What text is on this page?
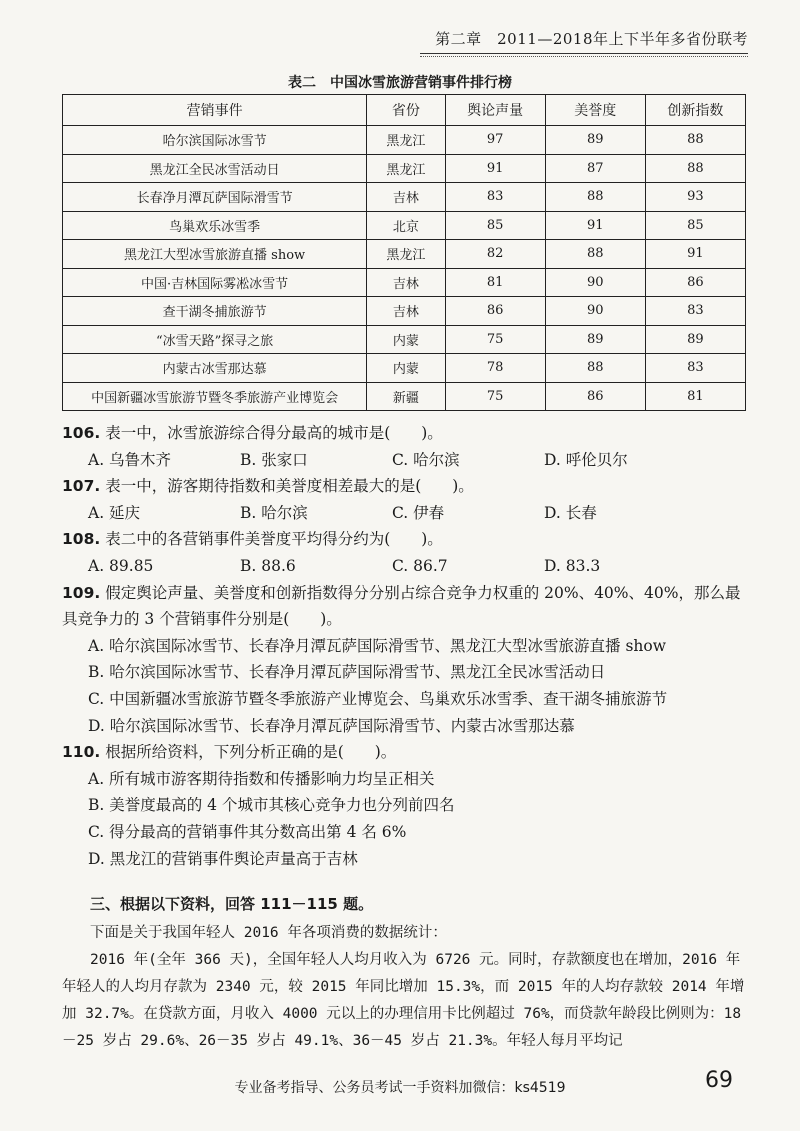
第二章　2011—2018年上下半年多省份联考
表二　中国冰雪旅游营销事件排行榜
营销事件	省份	舆论声量	美誉度	创新指数
哈尔滨国际冰雪节	黑龙江	97	89	88
黑龙江全民冰雪活动日	黑龙江	91	87	88
长春净月潭瓦萨国际滑雪节	吉林	83	88	93
鸟巢欢乐冰雪季	北京	85	91	85
黑龙江大型冰雪旅游直播 show	黑龙江	82	88	91
中国·吉林国际雾凇冰雪节	吉林	81	90	86
查干湖冬捕旅游节	吉林	86	90	83
“冰雪天路”探寻之旅	内蒙	75	89	89
内蒙古冰雪那达慕	内蒙	78	88	83
中国新疆冰雪旅游节暨冬季旅游产业博览会	新疆	75	86	81

106. 表一中，冰雪旅游综合得分最高的城市是(　　)。

A. 乌鲁木齐	B. 张家口	C. 哈尔滨	D. 呼伦贝尔

107. 表一中，游客期待指数和美誉度相差最大的是(　　)。

A. 延庆	B. 哈尔滨	C. 伊春	D. 长春

108. 表二中的各营销事件美誉度平均得分约为(　　)。

A. 89.85	B. 88.6	C. 86.7	D. 83.3

109. 假定舆论声量、美誉度和创新指数得分分别占综合竞争力权重的 20%、40%、40%，那么最

具竞争力的 3 个营销事件分别是(　　)。

A. 哈尔滨国际冰雪节、长春净月潭瓦萨国际滑雪节、黑龙江大型冰雪旅游直播 show
B. 哈尔滨国际冰雪节、长春净月潭瓦萨国际滑雪节、黑龙江全民冰雪活动日
C. 中国新疆冰雪旅游节暨冬季旅游产业博览会、鸟巢欢乐冰雪季、查干湖冬捕旅游节
D. 哈尔滨国际冰雪节、长春净月潭瓦萨国际滑雪节、内蒙古冰雪那达慕

110. 根据所给资料，下列分析正确的是(　　)。

A. 所有城市游客期待指数和传播影响力均呈正相关
B. 美誉度最高的 4 个城市其核心竞争力也分列前四名
C. 得分最高的营销事件其分数高出第 4 名 6%
D. 黑龙江的营销事件舆论声量高于吉林
三、根据以下资料，回答 111－115 题。

下面是关于我国年轻人 2016 年各项消费的数据统计：

2016 年(全年 366 天)，全国年轻人人均月收入为 6726 元。同时，存款额度也在增加，2016 年年轻人的人均月存款为 2340 元，较 2015 年同比增加 15.3%，而 2015 年的人均存款较 2014 年增加 32.7%。在贷款方面，月收入 4000 元以上的办理信用卡比例超过 76%，而贷款年龄段比例则为：18－25 岁占 29.6%、26－35 岁占 49.1%、36－45 岁占 21.3%。年轻人每月平均记

专业备考指导、公务员考试一手资料加微信：ks4519	69
